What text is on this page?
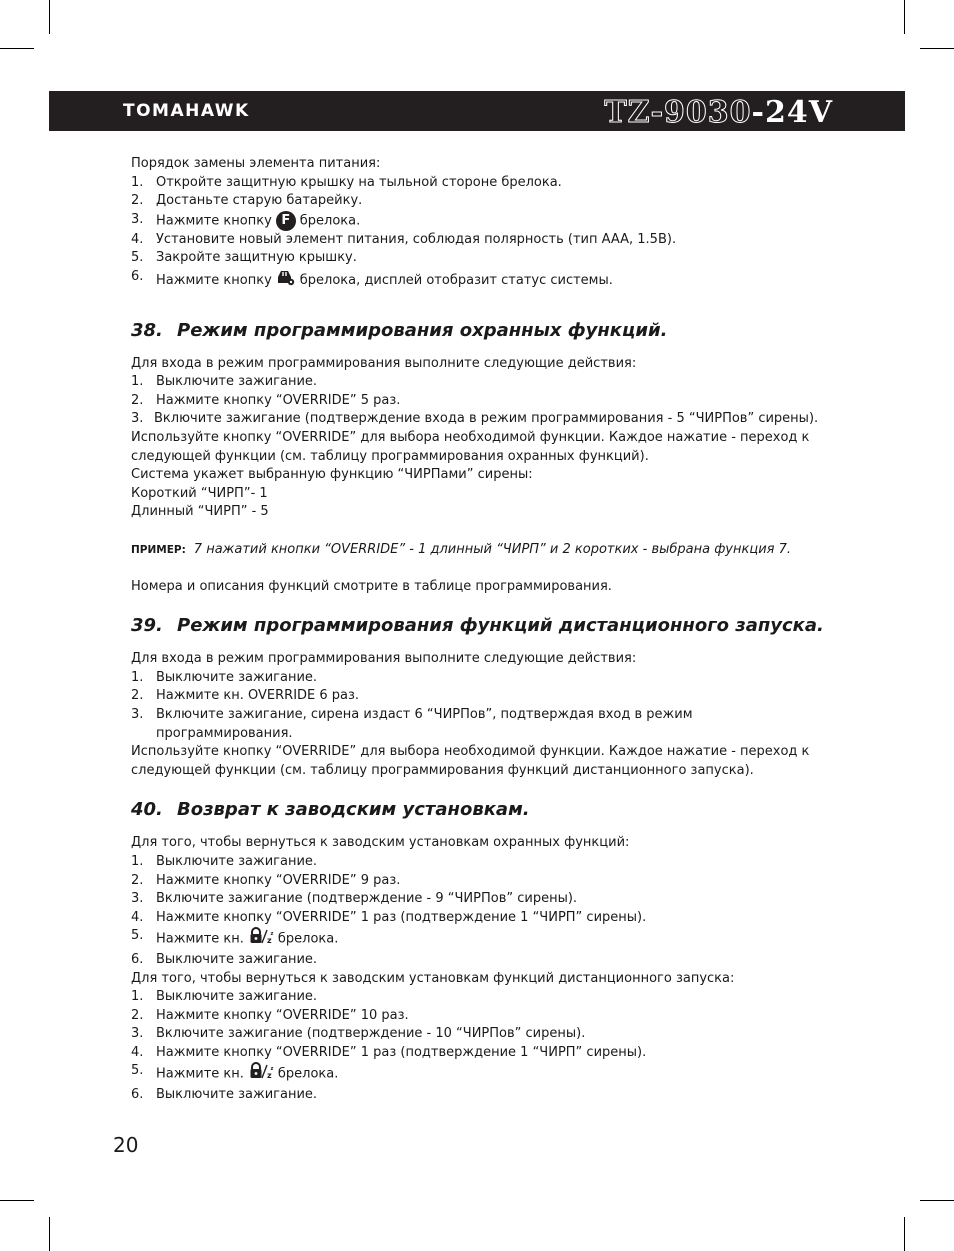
TOMAHAWK	TZ-9030-24V
Порядок замены элемента питания:
1. Откройте защитную крышку на тыльной стороне брелока.
2. Достаньте старую батарейку.
3. Нажмите кнопку F брелока.
4. Установите новый элемент питания, соблюдая полярность (тип AAA, 1.5В).
5. Закройте защитную крышку.
6. Нажмите кнопку брелока, дисплей отобразит статус системы.
38. Режим программирования охранных функций.
Для входа в режим программирования выполните следующие действия:
1. Выключите зажигание.
2. Нажмите кнопку “OVERRIDE” 5 раз.
3. Включите зажигание (подтверждение входа в режим программирования - 5 “ЧИРПов” сирены).
Используйте кнопку “OVERRIDE” для выбора необходимой функции. Каждое нажатие - переход к
следующей функции (см. таблицу программирования охранных функций).
Система укажет выбранную функцию “ЧИРПами” сирены:
Короткий “ЧИРП”- 1
Длинный “ЧИРП” - 5
ПРИМЕР: 7 нажатий кнопки “OVERRIDE” - 1 длинный “ЧИРП” и 2 коротких - выбрана функция 7.
Номера и описания функций смотрите в таблице программирования.
39. Режим программирования функций дистанционного запуска.
Для входа в режим программирования выполните следующие действия:
1. Выключите зажигание.
2. Нажмите кн. OVERRIDE 6 раз.
3. Включите зажигание, сирена издаст 6 “ЧИРПов”, подтверждая вход в режим программирования.
Используйте кнопку “OVERRIDE” для выбора необходимой функции. Каждое нажатие - переход к
следующей функции (см. таблицу программирования функций дистанционного запуска).
40. Возврат к заводским установкам.
Для того, чтобы вернуться к заводским установкам охранных функций:
1. Выключите зажигание.
2. Нажмите кнопку “OVERRIDE” 9 раз.
3. Включите зажигание (подтверждение - 9 “ЧИРПов” сирены).
4. Нажмите кнопку “OVERRIDE” 1 раз (подтверждение 1 “ЧИРП” сирены).
5. Нажмите кн.	z
z брелока.
6. Выключите зажигание.
Для того, чтобы вернуться к заводским установкам функций дистанционного запуска:
1. Выключите зажигание.
2. Нажмите кнопку “OVERRIDE” 10 раз.
3. Включите зажигание (подтверждение - 10 “ЧИРПов” сирены).
4. Нажмите кнопку “OVERRIDE” 1 раз (подтверждение 1 “ЧИРП” сирены).
5. Нажмите кн.	z
z брелока.
6. Выключите зажигание.
20
